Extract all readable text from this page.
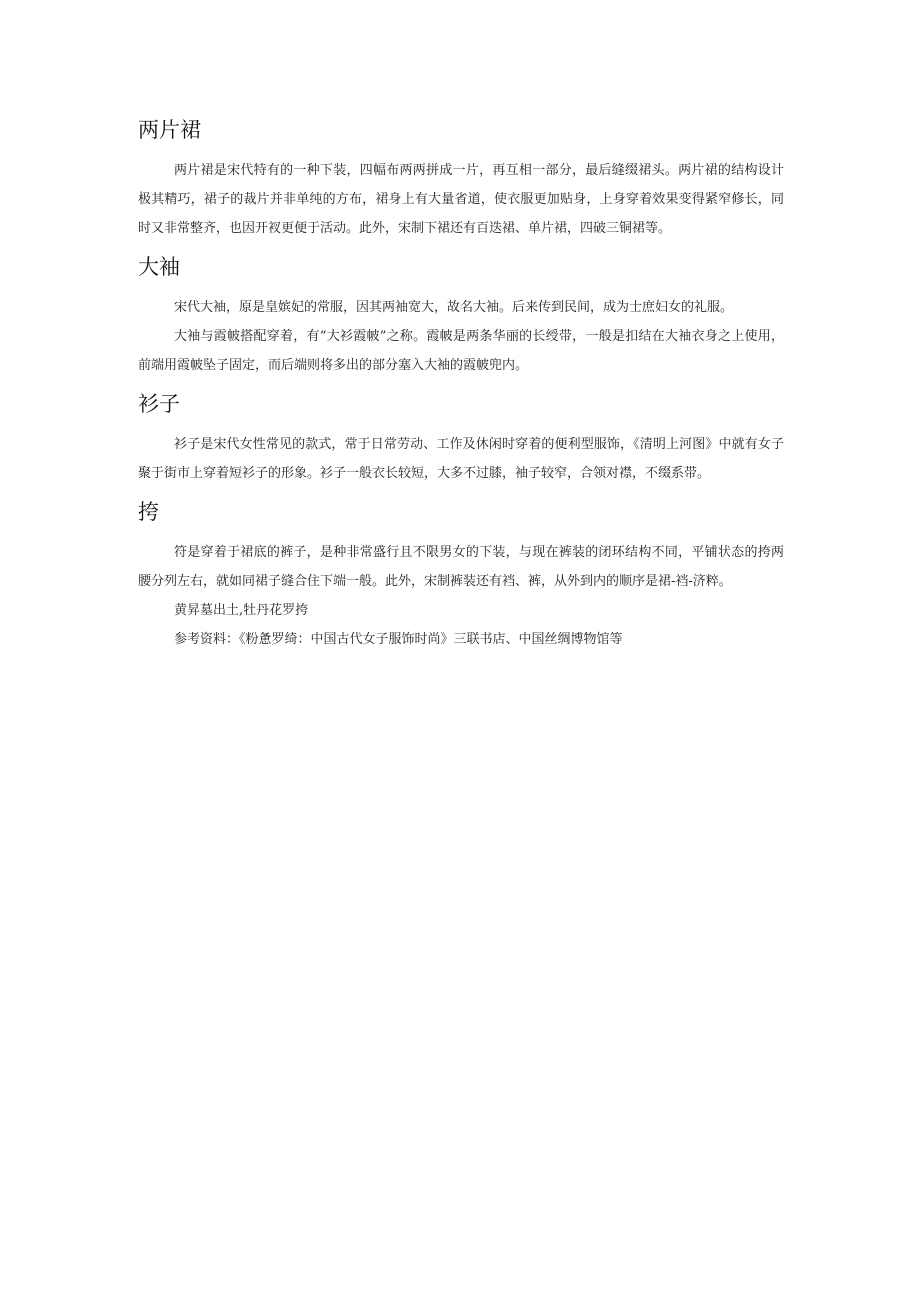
两片裙

两片裙是宋代特有的一种下装，四幅布两两拼成一片，再互相一部分，最后缝缀裙头。两片裙的结构设计极其精巧，裙子的裁片并非单纯的方布，裙身上有大量省道，使衣服更加贴身，上身穿着效果变得紧窄修长，同时又非常整齐，也因开衩更便于活动。此外，宋制下裙还有百迭裙、单片裙，四破三铜裙等。

大袖

宋代大袖，原是皇嫔妃的常服，因其两袖宽大，故名大袖。后来传到民间，成为士庶妇女的礼服。

大袖与霞帔搭配穿着，有“大衫霞帔”之称。霞帔是两条华丽的长绶带，一般是扣结在大袖衣身之上使用，前端用霞帔坠子固定，而后端则将多出的部分塞入大袖的霞帔兜内。

衫子

衫子是宋代女性常见的款式，常于日常劳动、工作及休闲时穿着的便利型服饰，《清明上河图》中就有女子聚于街市上穿着短衫子的形象。衫子一般衣长较短，大多不过膝，袖子较窄，合领对襟，不缀系带。

挎

符是穿着于裙底的裤子，是种非常盛行且不限男女的下装，与现在裤装的闭环结构不同，平铺状态的挎两腰分列左右，就如同裙子缝合住下端一般。此外，宋制裤装还有裆、裤，从外到内的顺序是裙-裆-济粹。

黄昇墓出土,牡丹花罗挎

参考资料：《粉惫罗绮：中国古代女子服饰时尚》三联书店、中国丝绸博物馆等
